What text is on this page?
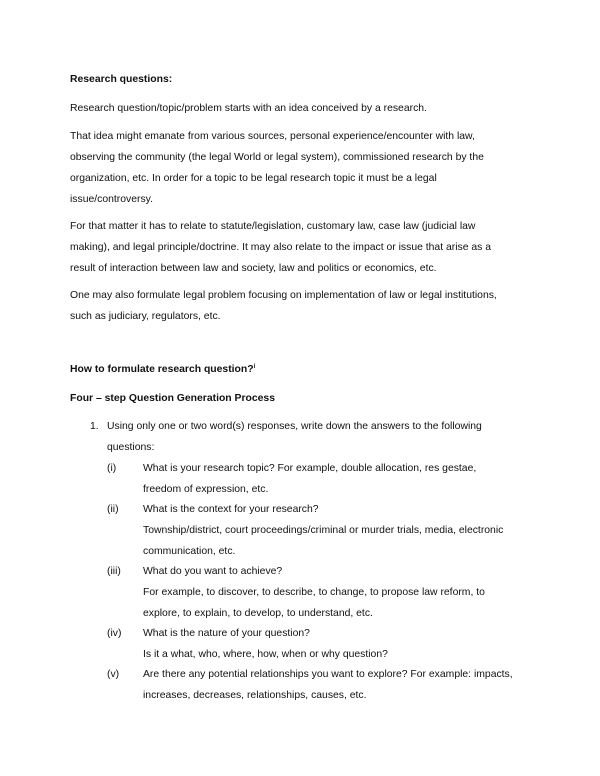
Research questions:
Research question/topic/problem starts with an idea conceived by a research.
That idea might emanate from various sources, personal experience/encounter with law,
observing the community (the legal World or legal system), commissioned research by the
organization, etc. In order for a topic to be legal research topic it must be a legal
issue/controversy.
For that matter it has to relate to statute/legislation, customary law, case law (judicial law
making), and legal principle/doctrine. It may also relate to the impact or issue that arise as a
result of interaction between law and society, law and politics or economics, etc.
One may also formulate legal problem focusing on implementation of law or legal institutions,
such as judiciary, regulators, etc.
How to formulate research question?$^i$
Four – step Question Generation Process
1. Using only one or two word(s) responses, write down the answers to the following
questions:
(i)	What is your research topic? For example, double allocation, res gestae,
freedom of expression, etc.
(ii) What is the context for your research?
Township/district, court proceedings/criminal or murder trials, media, electronic
communication, etc.
(iii) What do you want to achieve?
For example, to discover, to describe, to change, to propose law reform, to
explore, to explain, to develop, to understand, etc.
(iv) What is the nature of your question?
Is it a what, who, where, how, when or why question?
(v) Are there any potential relationships you want to explore? For example: impacts,
increases, decreases, relationships, causes, etc.
